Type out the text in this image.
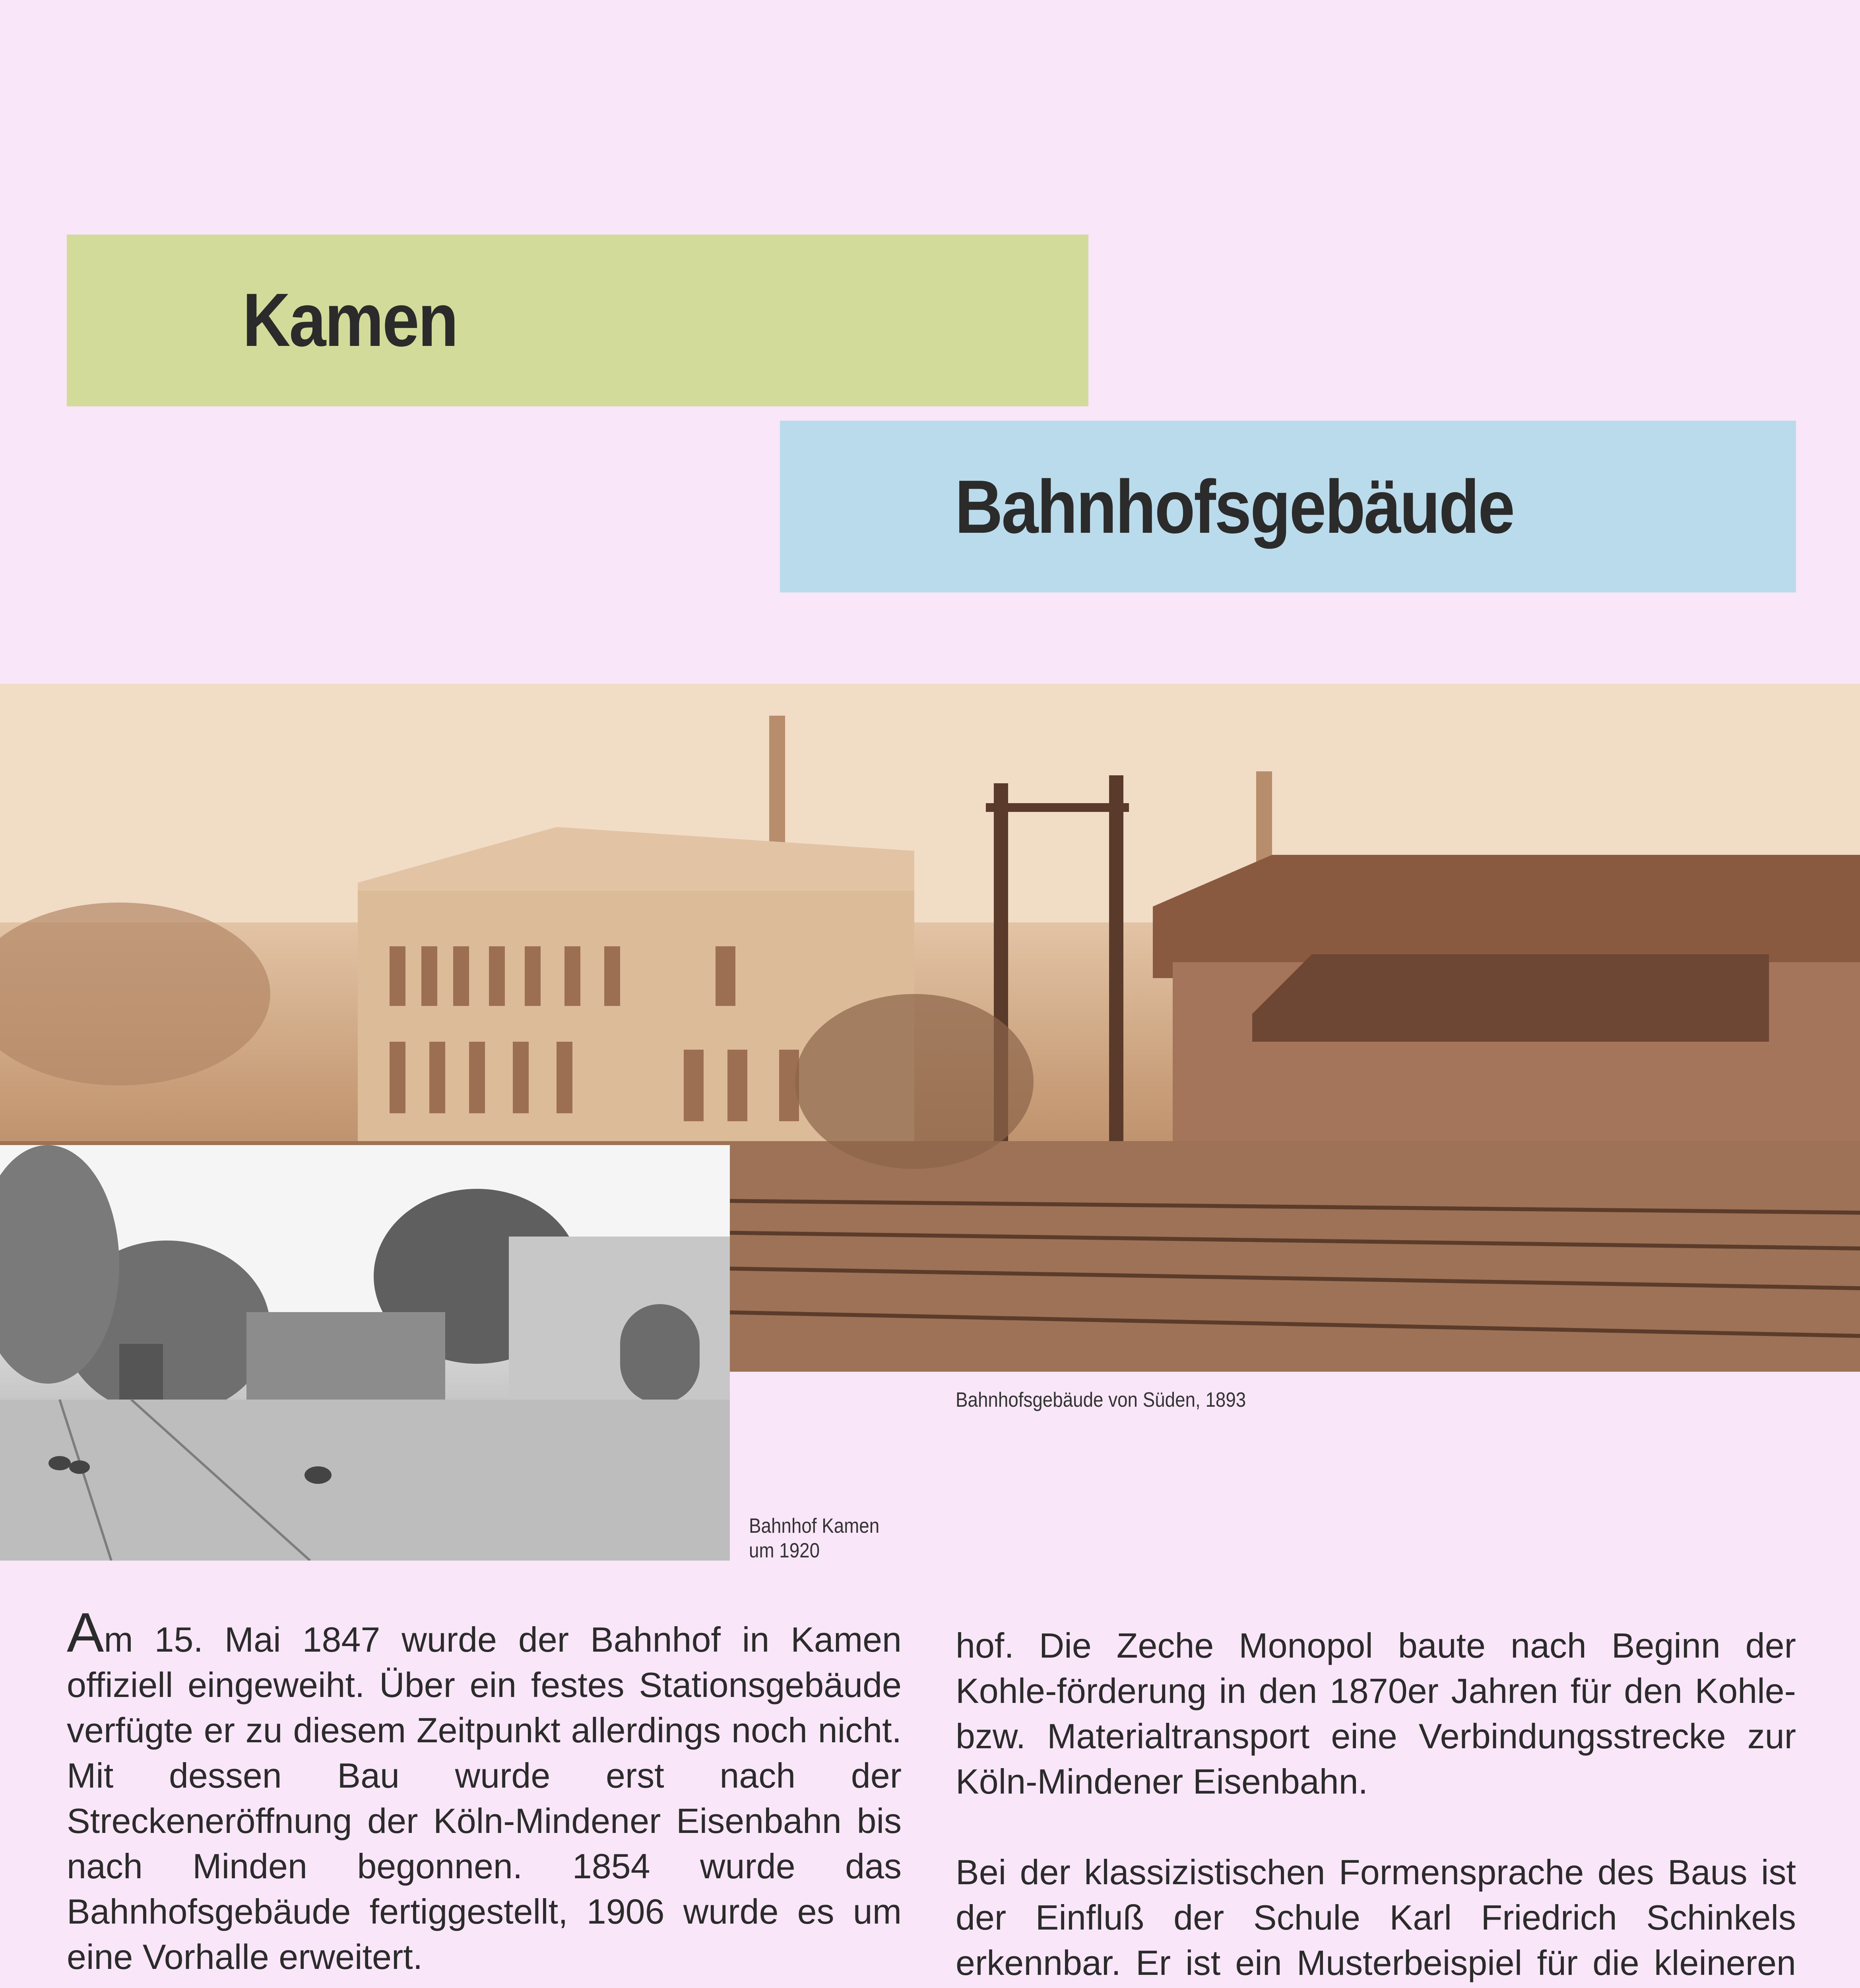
Kamen
Bahnhofsgebäude
Bahnhofsgebäude von Süden, 1893
Bahnhof Kamen um 1920

Am 15. Mai 1847 wurde der Bahnhof in Kamen offiziell eingeweiht. Über ein festes Stationsgebäude verfügte er zu diesem Zeitpunkt allerdings noch nicht. Mit dessen Bau wurde erst nach der Streckeneröffnung der Köln-Mindener Eisenbahn bis nach Minden begonnen. 1854 wurde das Bahnhofsgebäude fertiggestellt, 1906 wurde es um eine Vorhalle erweitert.

hof. Die Zeche Monopol baute nach Beginn der Kohle-förderung in den 1870er Jahren für den Kohle- bzw. Materialtransport eine Verbindungsstrecke zur Köln-Mindener Eisenbahn.

Bei der klassizistischen Formensprache des Baus ist der Einfluß der Schule Karl Friedrich Schinkels erkennbar. Er ist ein Musterbeispiel für die kleineren
